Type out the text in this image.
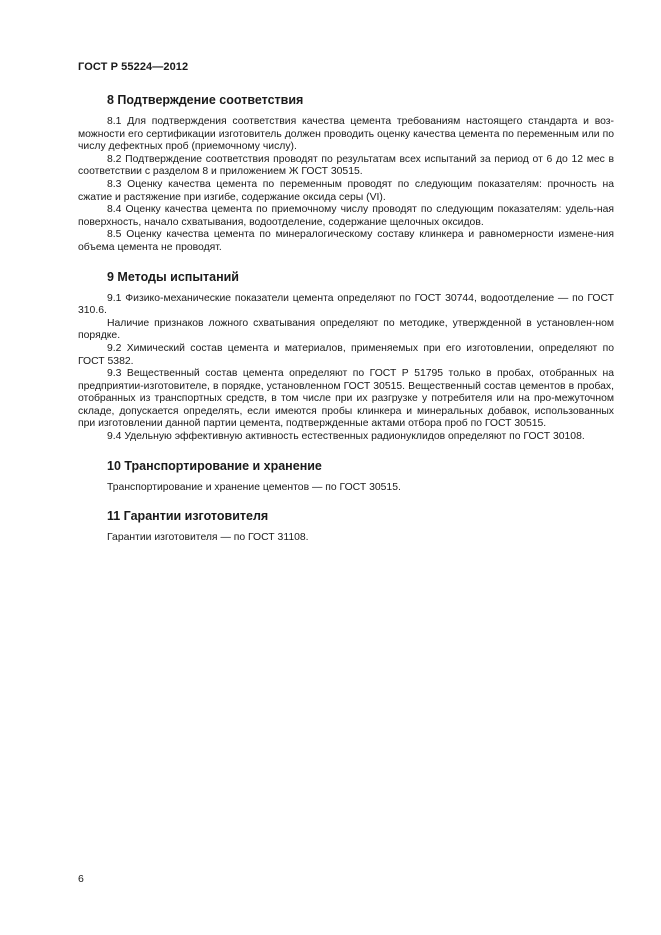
ГОСТ Р 55224—2012
8 Подтверждение соответствия

8.1 Для подтверждения соответствия качества цемента требованиям настоящего стандарта и воз-можности его сертификации изготовитель должен проводить оценку качества цемента по переменным или по числу дефектных проб (приемочному числу).

8.2 Подтверждение соответствия проводят по результатам всех испытаний за период от 6 до 12 мес в соответствии с разделом 8 и приложением Ж ГОСТ 30515.

8.3 Оценку качества цемента по переменным проводят по следующим показателям: прочность на сжатие и растяжение при изгибе, содержание оксида серы (VI).

8.4 Оценку качества цемента по приемочному числу проводят по следующим показателям: удель-ная поверхность, начало схватывания, водоотделение, содержание щелочных оксидов.

8.5 Оценку качества цемента по минералогическому составу клинкера и равномерности измене-ния объема цемента не проводят.

9 Методы испытаний

9.1 Физико-механические показатели цемента определяют по ГОСТ 30744, водоотделение — по ГОСТ 310.6.

Наличие признаков ложного схватывания определяют по методике, утвержденной в установлен-ном порядке.

9.2 Химический состав цемента и материалов, применяемых при его изготовлении, определяют по ГОСТ 5382.

9.3 Вещественный состав цемента определяют по ГОСТ Р 51795 только в пробах, отобранных на предприятии-изготовителе, в порядке, установленном ГОСТ 30515. Вещественный состав цементов в пробах, отобранных из транспортных средств, в том числе при их разгрузке у потребителя или на про-межуточном складе, допускается определять, если имеются пробы клинкера и минеральных добавок, использованных при изготовлении данной партии цемента, подтвержденные актами отбора проб по ГОСТ 30515.

9.4 Удельную эффективную активность естественных радионуклидов определяют по ГОСТ 30108.

10 Транспортирование и хранение

Транспортирование и хранение цементов — по ГОСТ 30515.

11 Гарантии изготовителя

Гарантии изготовителя — по ГОСТ 31108.

6
